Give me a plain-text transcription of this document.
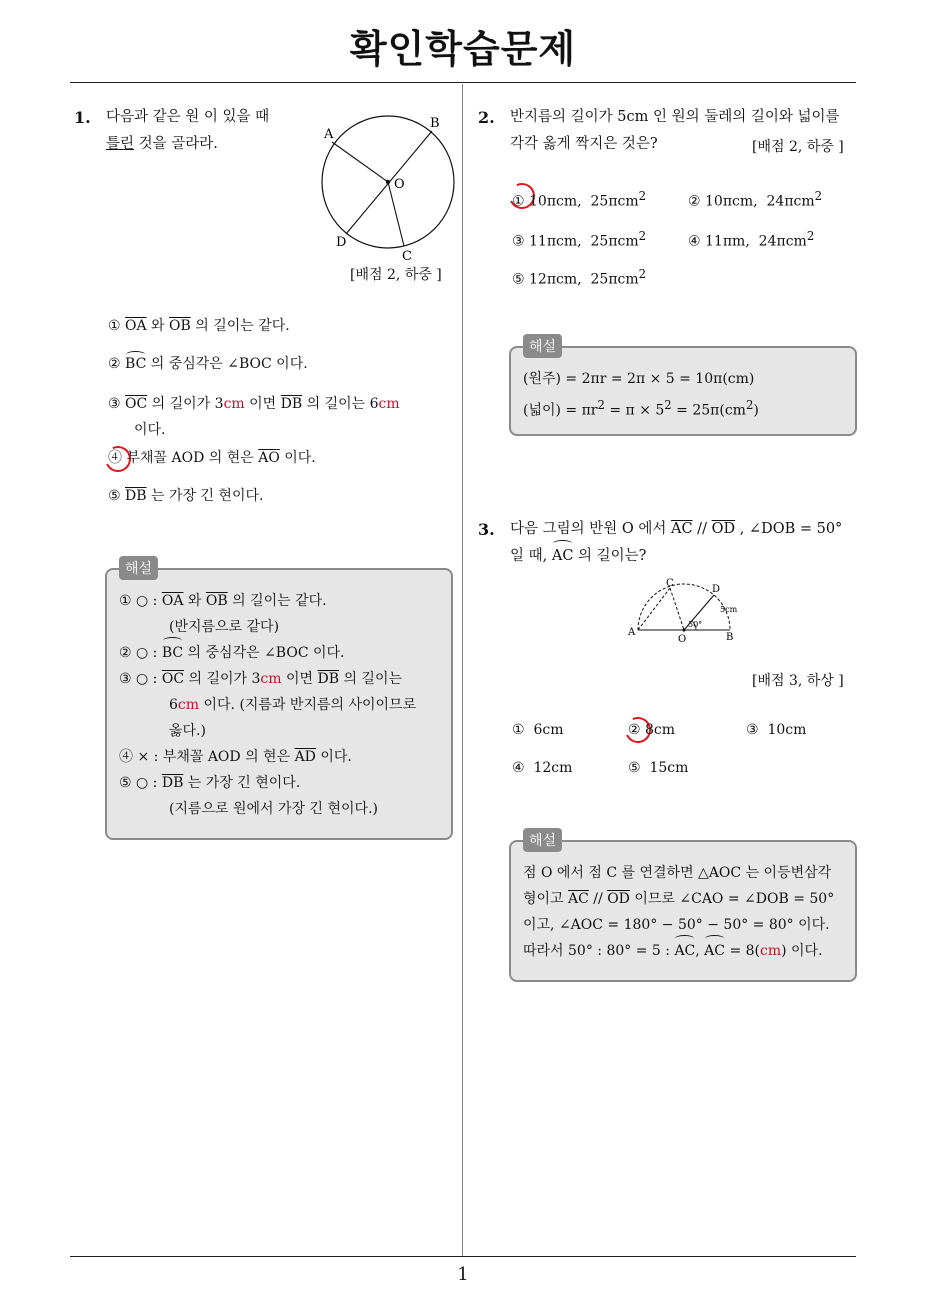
확인학습문제
1. 다음과 같은 원 이 있을 때
틀린 것을 골라라.
A
B
O
C
D
[배점 2, 하중 ]
① $\overline{OA}$ 와 $\overline{OB}$ 의 길이는 같다.
② BC 의 중심각은 ∠BOC 이다.
③ $\overline{OC}$ 의 길이가 3cm 이면 $\overline{DB}$ 의 길이는 6cm
이다.
④ 부채꼴 AOD 의 현은 $\overline{AO}$ 이다.
⑤ $\overline{DB}$ 는 가장 긴 현이다.
해설
① ○ : $\overline{OA}$ 와 $\overline{OB}$ 의 길이는 같다.
(반지름으로 같다)
② ○ : BC 의 중심각은 ∠BOC 이다.
③ ○ : $\overline{OC}$ 의 길이가 3cm 이면 $\overline{DB}$ 의 길이는
6cm 이다. (지름과 반지름의 사이이므로
옳다.)
④ × : 부채꼴 AOD 의 현은 $\overline{AD}$ 이다.
⑤ ○ : $\overline{DB}$ 는 가장 긴 현이다.
(지름으로 원에서 가장 긴 현이다.)
2. 반지름의 길이가 5cm 인 원의 둘레의 길이와 넓이를
각각 옳게 짝지은 것은?	[배점 2, 하중 ]
① 10πcm,  25πcm$^2$	② 10πcm,  24πcm$^2$
③ 11πcm,  25πcm$^2$	④ 11πm,  24πcm$^2$
⑤ 12πcm,  25πcm$^2$
해설
(원주) = 2πr = 2π × 5 = 10π(cm)
(넓이) = $\pi r^2 = \pi \times 5^2 = 25\pi(cm^2)$
3. 다음 그림의 반원 O 에서 $\overline{AC} // \overline{OD}$ , ∠DOB = 50°
일 때, AC 의 길이는?
A	B
C
D
O
50°
5cm
[배점 3, 하상 ]
① 6cm	② 8cm	③ 10cm
④ 12cm	⑤ 15cm
해설
점 O 에서 점 C 를 연결하면 △AOC 는 이등변삼각
형이고 $\overline{AC} // \overline{OD}$ 이므로 ∠CAO = ∠DOB = 50°
이고, ∠AOC = 180° − 50° − 50° = 80° 이다.
따라서 50° : 80° = 5 : AC, AC = 8(cm) 이다.
1
